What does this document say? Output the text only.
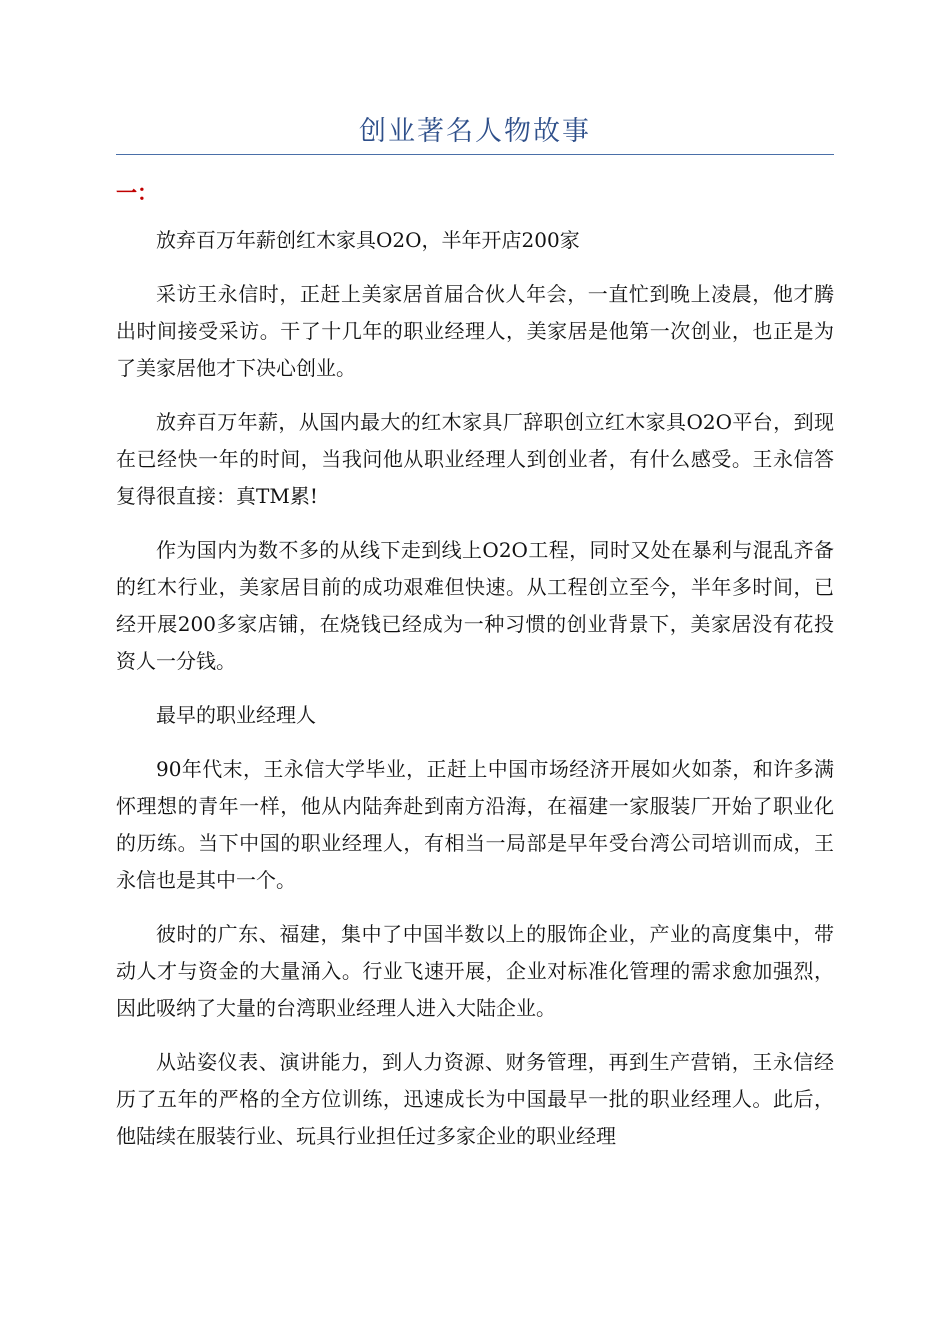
创业著名人物故事
一：

放弃百万年薪创红木家具O2O，半年开店200家

采访王永信时，正赶上美家居首届合伙人年会，一直忙到晚上凌晨，他才腾出时间接受采访。干了十几年的职业经理人，美家居是他第一次创业，也正是为了美家居他才下决心创业。

放弃百万年薪，从国内最大的红木家具厂辞职创立红木家具O2O平台，到现在已经快一年的时间，当我问他从职业经理人到创业者，有什么感受。王永信答复得很直接：真TM累!

作为国内为数不多的从线下走到线上O2O工程，同时又处在暴利与混乱齐备的红木行业，美家居目前的成功艰难但快速。从工程创立至今，半年多时间，已经开展200多家店铺，在烧钱已经成为一种习惯的创业背景下，美家居没有花投资人一分钱。

最早的职业经理人

90年代末，王永信大学毕业，正赶上中国市场经济开展如火如荼，和许多满怀理想的青年一样，他从内陆奔赴到南方沿海，在福建一家服装厂开始了职业化的历练。当下中国的职业经理人，有相当一局部是早年受台湾公司培训而成，王永信也是其中一个。

彼时的广东、福建，集中了中国半数以上的服饰企业，产业的高度集中，带动人才与资金的大量涌入。行业飞速开展，企业对标准化管理的需求愈加强烈，因此吸纳了大量的台湾职业经理人进入大陆企业。

从站姿仪表、演讲能力，到人力资源、财务管理，再到生产营销，王永信经历了五年的严格的全方位训练，迅速成长为中国最早一批的职业经理人。此后，他陆续在服装行业、玩具行业担任过多家企业的职业经理
